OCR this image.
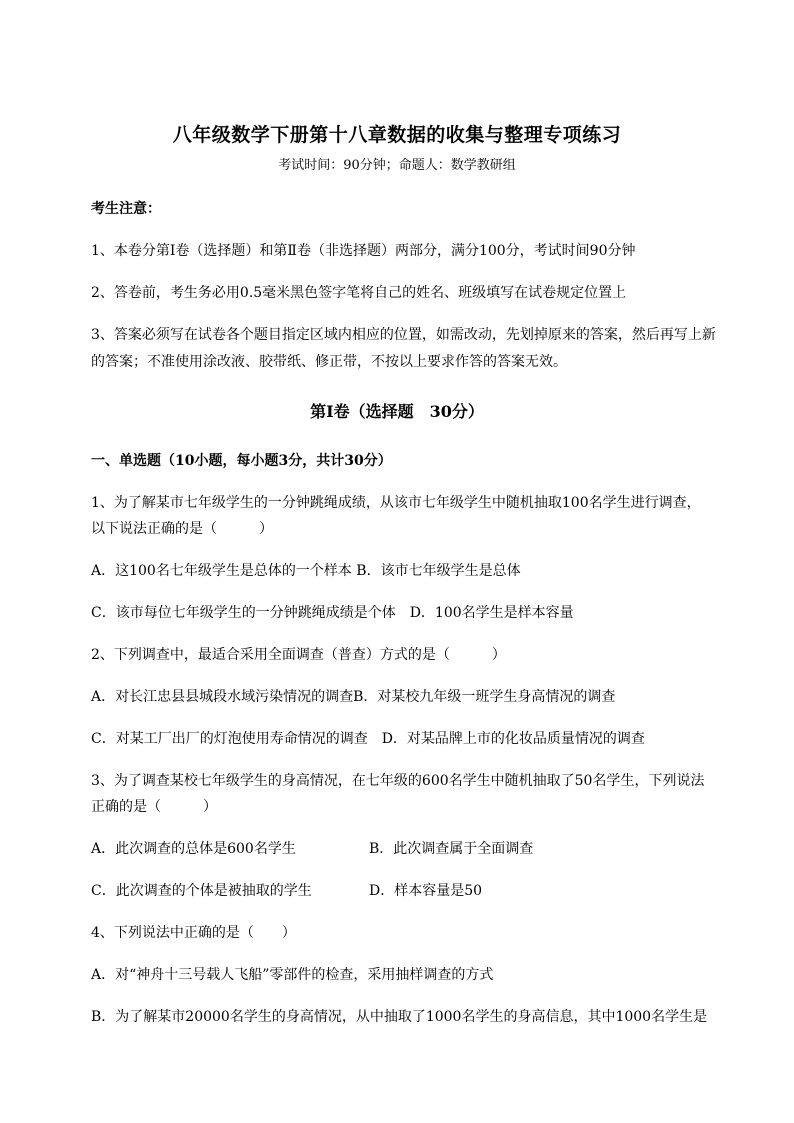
八年级数学下册第十八章数据的收集与整理专项练习
考试时间：90分钟；命题人：数学教研组
考生注意：
1、本卷分第I卷（选择题）和第Ⅱ卷（非选择题）两部分，满分100分，考试时间90分钟
2、答卷前，考生务必用0.5毫米黑色签字笔将自己的姓名、班级填写在试卷规定位置上
3、答案必须写在试卷各个题目指定区域内相应的位置，如需改动，先划掉原来的答案，然后再写上新
的答案；不准使用涂改液、胶带纸、修正带，不按以上要求作答的答案无效。
第I卷（选择题　30分）
一、单选题（10小题，每小题3分，共计30分）
1、为了解某市七年级学生的一分钟跳绳成绩，从该市七年级学生中随机抽取100名学生进行调查，
以下说法正确的是（　　　）
A．这100名七年级学生是总体的一个样本 B．该市七年级学生是总体
C．该市每位七年级学生的一分钟跳绳成绩是个体　D．100名学生是样本容量
2、下列调查中，最适合采用全面调查（普查）方式的是（　　　）
A．对长江忠县县城段水域污染情况的调查B．对某校九年级一班学生身高情况的调查
C．对某工厂出厂的灯泡使用寿命情况的调查　D．对某品牌上市的化妆品质量情况的调查
3、为了调查某校七年级学生的身高情况，在七年级的600名学生中随机抽取了50名学生，下列说法
正确的是（　　　）
A．此次调查的总体是600名学生	B．此次调查属于全面调查
C．此次调查的个体是被抽取的学生	D．样本容量是50
4、下列说法中正确的是（　　）
A．对“神舟十三号载人飞船”零部件的检查，采用抽样调查的方式
B．为了解某市20000名学生的身高情况，从中抽取了1000名学生的身高信息，其中1000名学生是
